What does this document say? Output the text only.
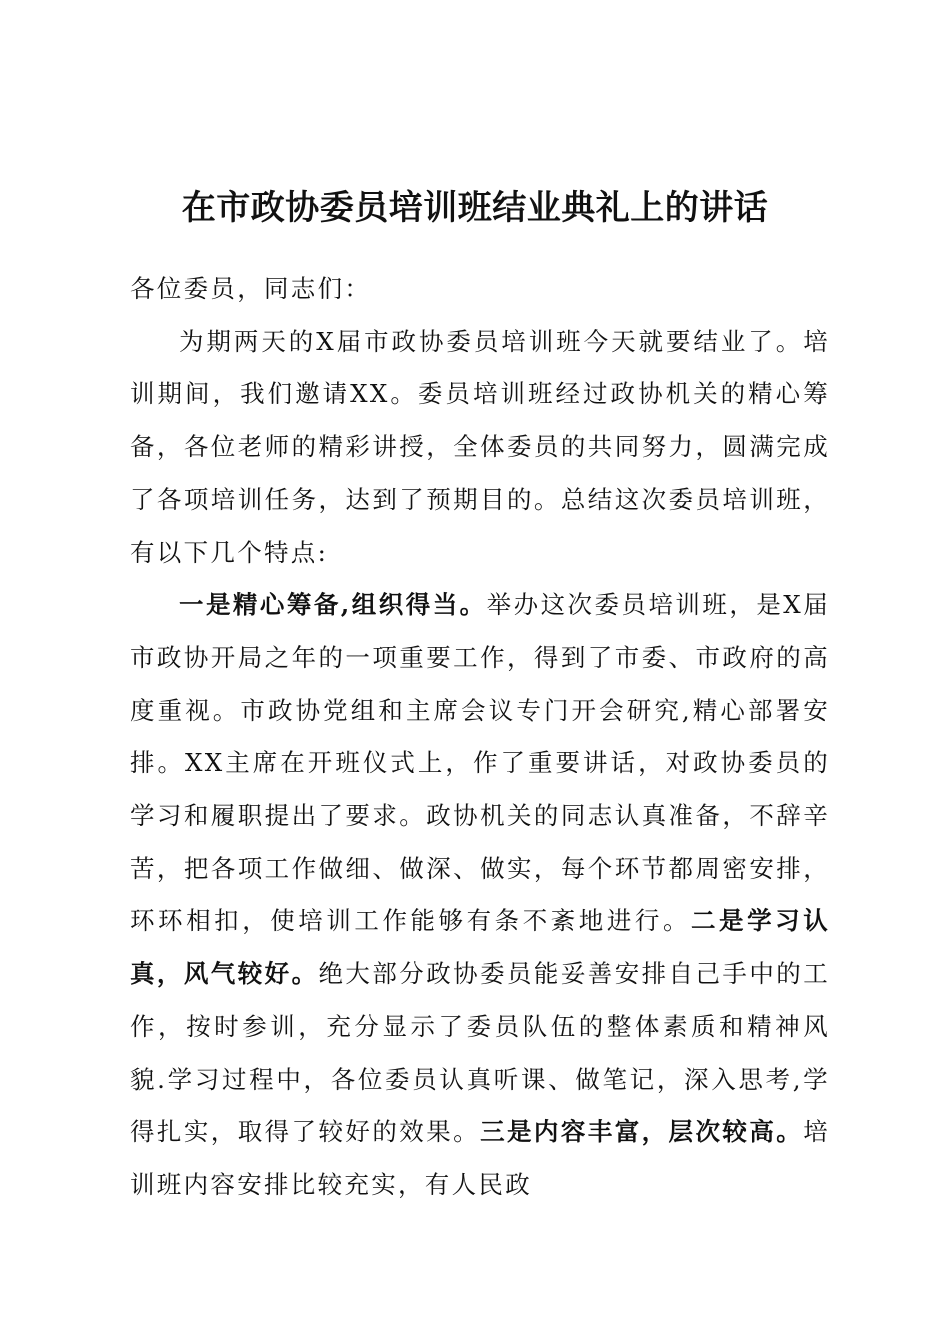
在市政协委员培训班结业典礼上的讲话

各位委员，同志们：

为期两天的X届市政协委员培训班今天就要结业了。培训期间，我们邀请XX。委员培训班经过政协机关的精心筹备，各位老师的精彩讲授，全体委员的共同努力，圆满完成了各项培训任务，达到了预期目的。总结这次委员培训班，有以下几个特点:

一是精心筹备,组织得当。举办这次委员培训班，是X届市政协开局之年的一项重要工作，得到了市委、市政府的高度重视。市政协党组和主席会议专门开会研究,精心部署安排。XX主席在开班仪式上，作了重要讲话，对政协委员的学习和履职提出了要求。政协机关的同志认真准备，不辞辛苦，把各项工作做细、做深、做实，每个环节都周密安排，环环相扣，使培训工作能够有条不紊地进行。二是学习认真，风气较好。绝大部分政协委员能妥善安排自己手中的工作，按时参训，充分显示了委员队伍的整体素质和精神风貌.学习过程中，各位委员认真听课、做笔记，深入思考,学得扎实，取得了较好的效果。三是内容丰富，层次较高。培训班内容安排比较充实，有人民政
